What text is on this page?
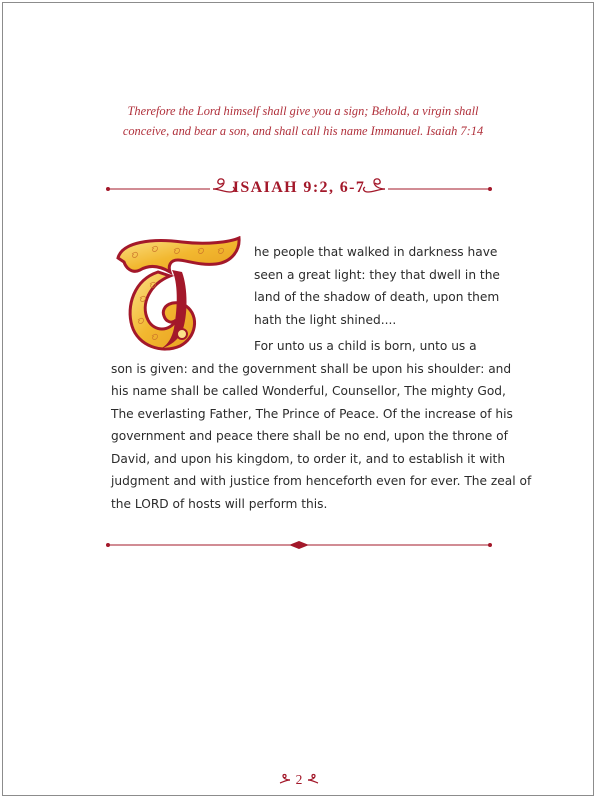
Therefore the Lord himself shall give you a sign; Behold, a virgin shall
conceive, and bear a son, and shall call his name Immanuel. Isaiah 7:14

ISAIAH 9:2, 6-7
T

he people that walked in darkness have
seen a great light: they that dwell in the
land of the shadow of death, upon them
hath the light shined....

For unto us a child is born, unto us a
son is given: and the government shall be upon his shoulder: and
his name shall be called Wonderful, Counsellor, The mighty God,
The everlasting Father, The Prince of Peace. Of the increase of his
government and peace there shall be no end, upon the throne of
David, and upon his kingdom, to order it, and to establish it with
judgment and with justice from henceforth even for ever. The zeal of
the LORD of hosts will perform this.

2
